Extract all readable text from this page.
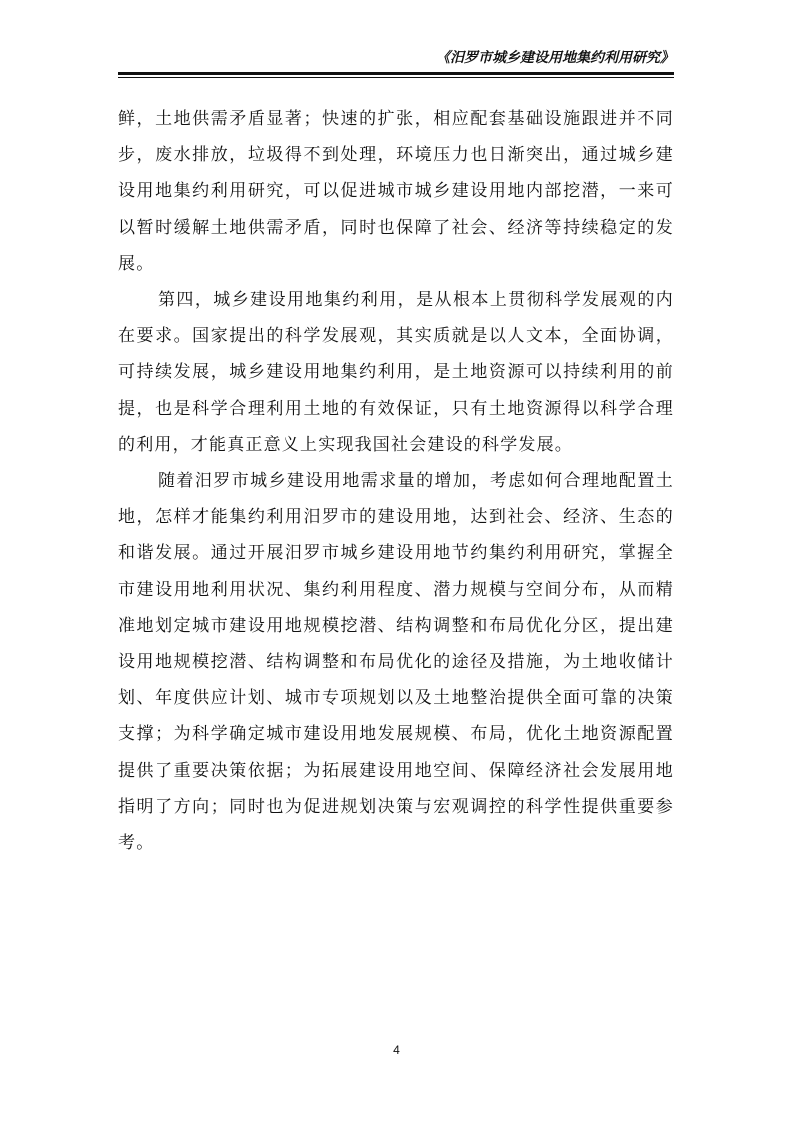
《汨罗市城乡建设用地集约利用研究》

鲜，土地供需矛盾显著；快速的扩张，相应配套基础设施跟进并不同步，废水排放，垃圾得不到处理，环境压力也日渐突出，通过城乡建设用地集约利用研究，可以促进城市城乡建设用地内部挖潜，一来可以暂时缓解土地供需矛盾，同时也保障了社会、经济等持续稳定的发展。

第四，城乡建设用地集约利用，是从根本上贯彻科学发展观的内在要求。国家提出的科学发展观，其实质就是以人文本，全面协调，可持续发展，城乡建设用地集约利用，是土地资源可以持续利用的前提，也是科学合理利用土地的有效保证，只有土地资源得以科学合理的利用，才能真正意义上实现我国社会建设的科学发展。

随着汨罗市城乡建设用地需求量的增加，考虑如何合理地配置土地，怎样才能集约利用汨罗市的建设用地，达到社会、经济、生态的和谐发展。通过开展汨罗市城乡建设用地节约集约利用研究，掌握全市建设用地利用状况、集约利用程度、潜力规模与空间分布，从而精准地划定城市建设用地规模挖潜、结构调整和布局优化分区，提出建设用地规模挖潜、结构调整和布局优化的途径及措施，为土地收储计划、年度供应计划、城市专项规划以及土地整治提供全面可靠的决策支撑；为科学确定城市建设用地发展规模、布局，优化土地资源配置提供了重要决策依据；为拓展建设用地空间、保障经济社会发展用地指明了方向；同时也为促进规划决策与宏观调控的科学性提供重要参考。

4
